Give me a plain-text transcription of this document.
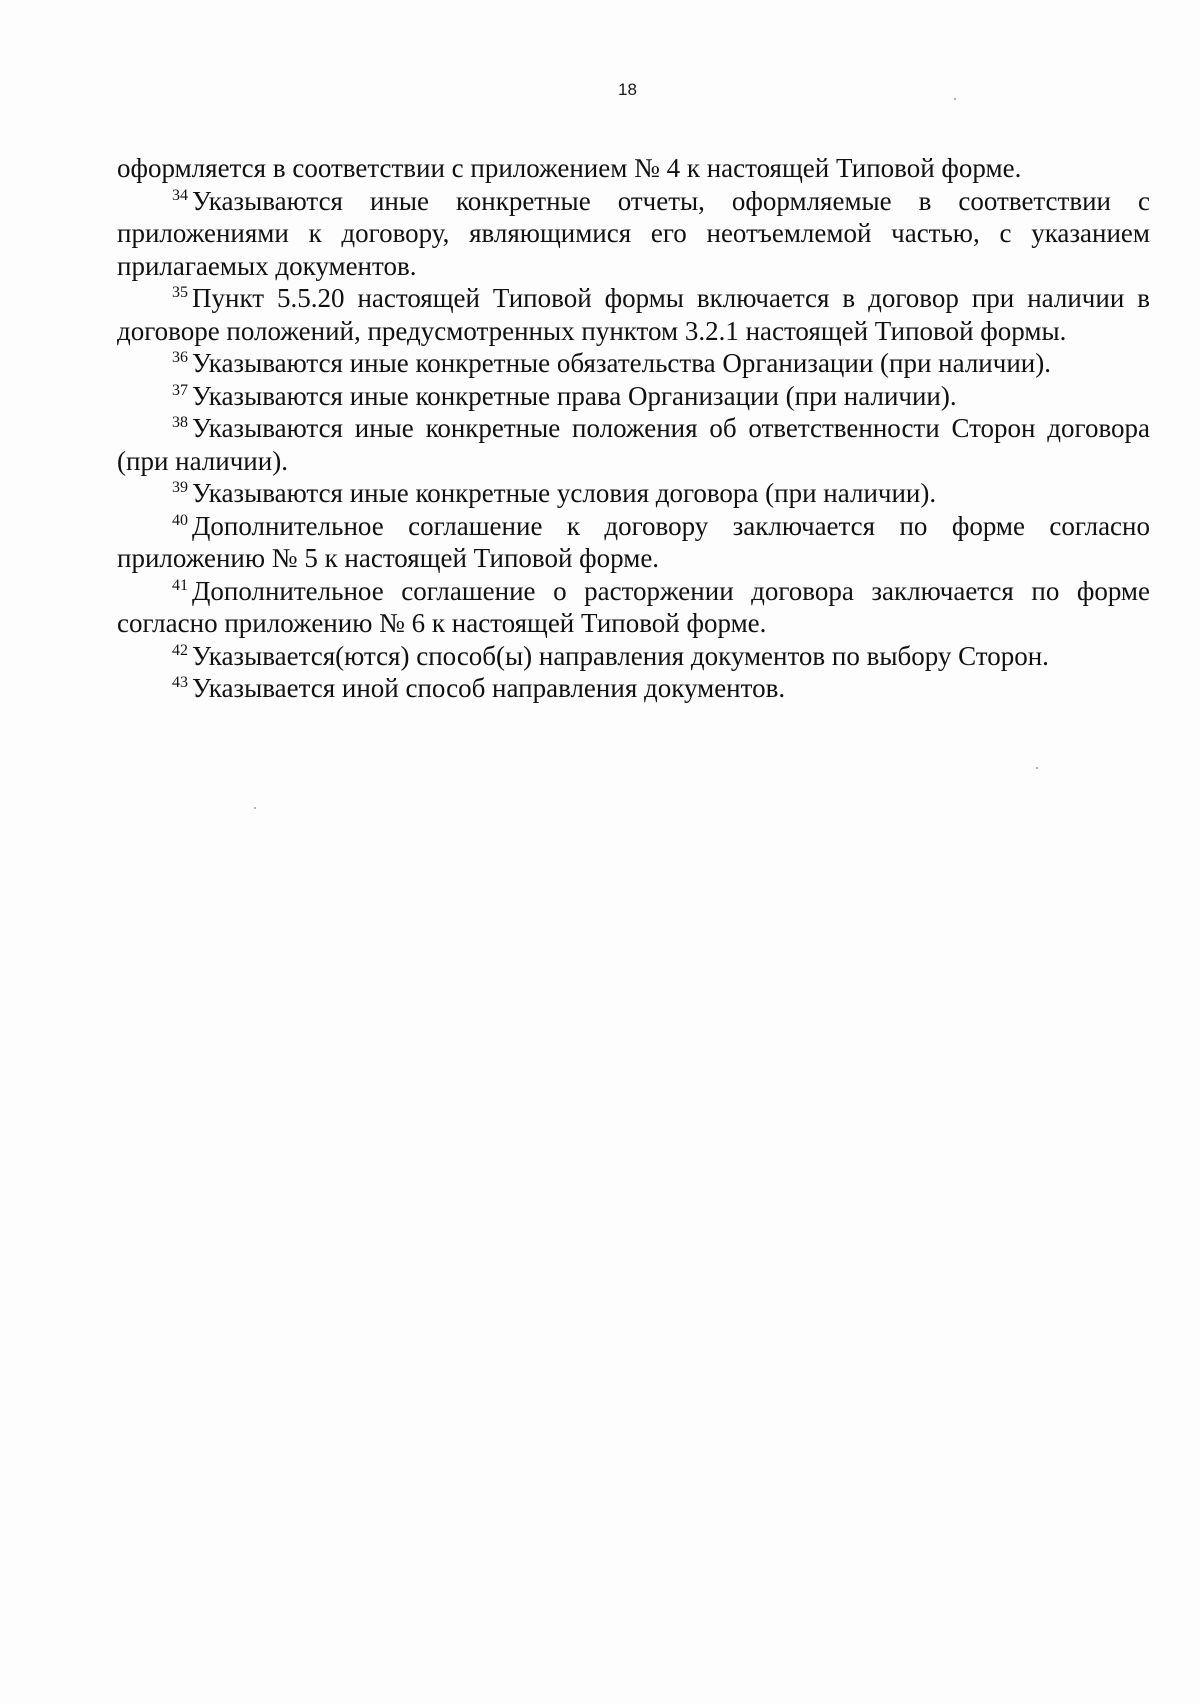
18

оформляется в соответствии с приложением № 4 к настоящей Типовой форме.

$^{34}$ Указываются иные конкретные отчеты, оформляемые в соответствии с приложениями к договору, являющимися его неотъемлемой частью, с указанием прилагаемых документов.

$^{35}$ Пункт 5.5.20 настоящей Типовой формы включается в договор при наличии в договоре положений, предусмотренных пунктом 3.2.1 настоящей Типовой формы.

$^{36}$ Указываются иные конкретные обязательства Организации (при наличии).

$^{37}$ Указываются иные конкретные права Организации (при наличии).

$^{38}$ Указываются иные конкретные положения об ответственности Сторон договора (при наличии).

$^{39}$ Указываются иные конкретные условия договора (при наличии).

$^{40}$ Дополнительное соглашение к договору заключается по форме согласно приложению № 5 к настоящей Типовой форме.

$^{41}$ Дополнительное соглашение о расторжении договора заключается по форме согласно приложению № 6 к настоящей Типовой форме.

$^{42}$ Указывается(ются) способ(ы) направления документов по выбору Сторон.

$^{43}$ Указывается иной способ направления документов.
